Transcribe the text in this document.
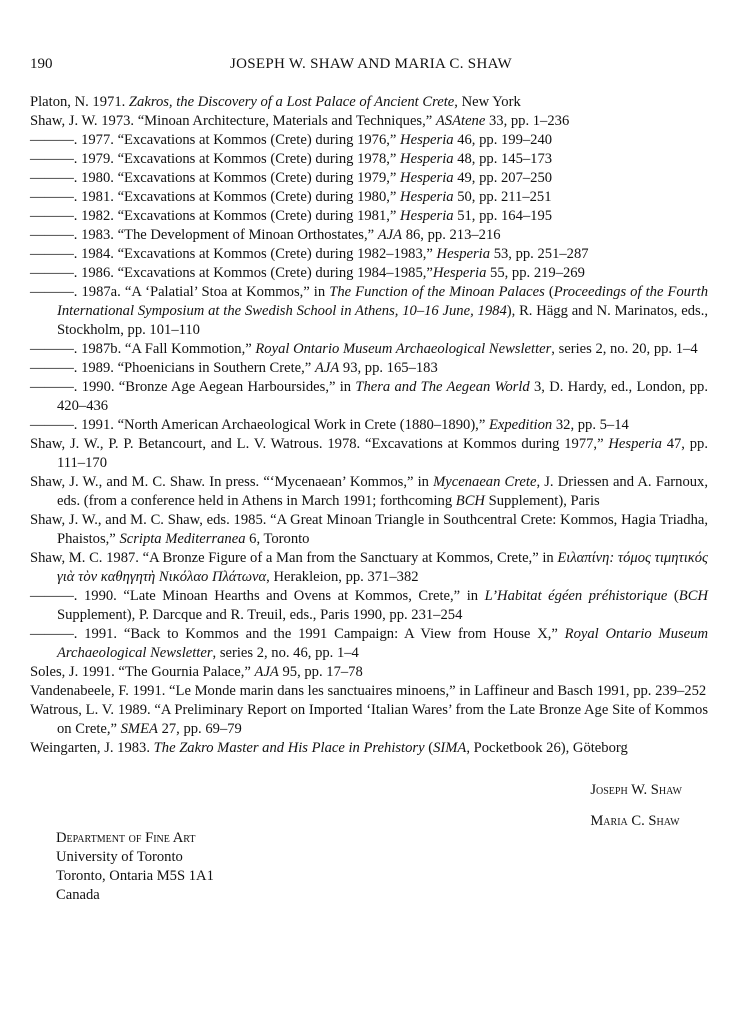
190	JOSEPH W. SHAW AND MARIA C. SHAW
Platon, N. 1971. Zakros, the Discovery of a Lost Palace of Ancient Crete, New York
Shaw, J. W. 1973. “Minoan Architecture, Materials and Techniques,” ASAtene 33, pp. 1–236
———. 1977. “Excavations at Kommos (Crete) during 1976,” Hesperia 46, pp. 199–240
———. 1979. “Excavations at Kommos (Crete) during 1978,” Hesperia 48, pp. 145–173
———. 1980. “Excavations at Kommos (Crete) during 1979,” Hesperia 49, pp. 207–250
———. 1981. “Excavations at Kommos (Crete) during 1980,” Hesperia 50, pp. 211–251
———. 1982. “Excavations at Kommos (Crete) during 1981,” Hesperia 51, pp. 164–195
———. 1983. “The Development of Minoan Orthostates,” AJA 86, pp. 213–216
———. 1984. “Excavations at Kommos (Crete) during 1982–1983,” Hesperia 53, pp. 251–287
———. 1986. “Excavations at Kommos (Crete) during 1984–1985,”Hesperia 55, pp. 219–269
———. 1987a. “A ‘Palatial’ Stoa at Kommos,” in The Function of the Minoan Palaces (Proceedings of the Fourth International Symposium at the Swedish School in Athens, 10–16 June, 1984), R. Hägg and N. Marinatos, eds., Stockholm, pp. 101–110
———. 1987b. “A Fall Kommotion,” Royal Ontario Museum Archaeological Newsletter, series 2, no. 20, pp. 1–4
———. 1989. “Phoenicians in Southern Crete,” AJA 93, pp. 165–183
———. 1990. “Bronze Age Aegean Harboursides,” in Thera and The Aegean World 3, D. Hardy, ed., London, pp. 420–436
———. 1991. “North American Archaeological Work in Crete (1880–1890),” Expedition 32, pp. 5–14
Shaw, J. W., P. P. Betancourt, and L. V. Watrous. 1978. “Excavations at Kommos during 1977,” Hesperia 47, pp. 111–170
Shaw, J. W., and M. C. Shaw. In press. “‘Mycenaean’ Kommos,” in Mycenaean Crete, J. Driessen and A. Farnoux, eds. (from a conference held in Athens in March 1991; forthcoming BCH Supplement), Paris
Shaw, J. W., and M. C. Shaw, eds. 1985. “A Great Minoan Triangle in Southcentral Crete: Kommos, Hagia Triadha, Phaistos,” Scripta Mediterranea 6, Toronto
Shaw, M. C. 1987. “A Bronze Figure of a Man from the Sanctuary at Kommos, Crete,” in Ειλαπίνη: τόμος τιμητικός γιὰ τὸν καθηγητὴ Νικόλαο Πλάτωνα, Herakleion, pp. 371–382
———. 1990. “Late Minoan Hearths and Ovens at Kommos, Crete,” in L’Habitat égéen préhistorique (BCH Supplement), P. Darcque and R. Treuil, eds., Paris 1990, pp. 231–254
———. 1991. “Back to Kommos and the 1991 Campaign: A View from House X,” Royal Ontario Museum Archaeological Newsletter, series 2, no. 46, pp. 1–4
Soles, J. 1991. “The Gournia Palace,” AJA 95, pp. 17–78
Vandenabeele, F. 1991. “Le Monde marin dans les sanctuaires minoens,” in Laffineur and Basch 1991, pp. 239–252
Watrous, L. V. 1989. “A Preliminary Report on Imported ‘Italian Wares’ from the Late Bronze Age Site of Kommos on Crete,” SMEA 27, pp. 69–79
Weingarten, J. 1983. The Zakro Master and His Place in Prehistory (SIMA, Pocketbook 26), Göteborg

Joseph W. Shaw

Maria C. Shaw

Department of Fine Art
University of Toronto
Toronto, Ontaria M5S 1A1
Canada
